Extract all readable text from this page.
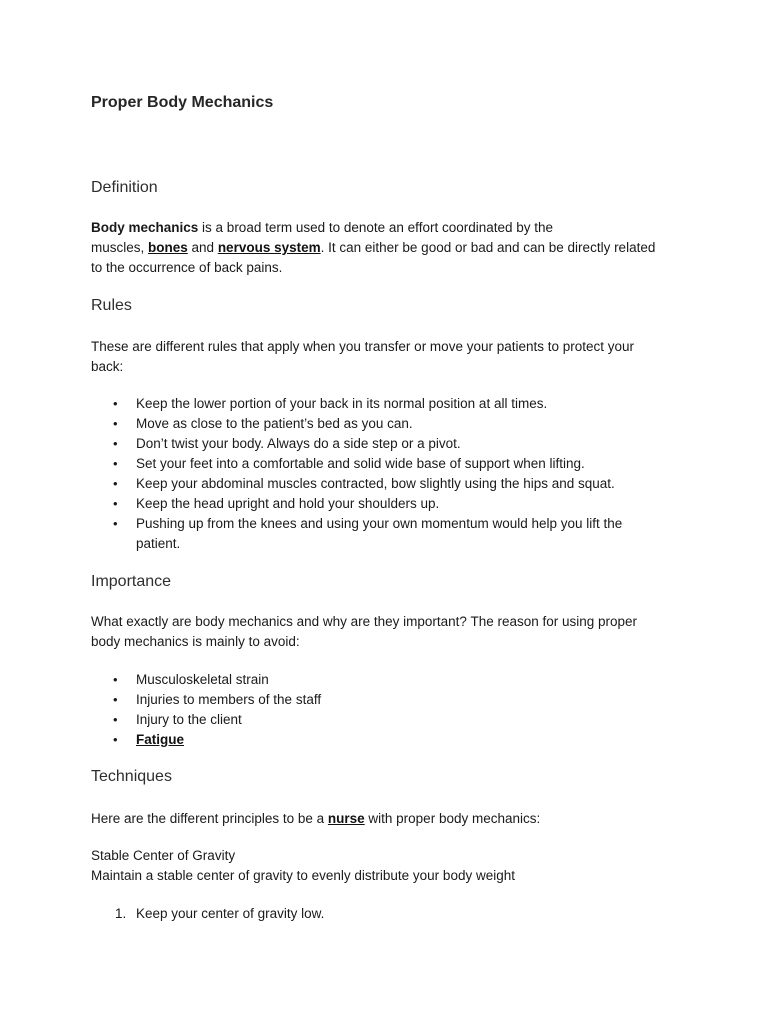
Proper Body Mechanics
Definition

Body mechanics is a broad term used to denote an effort coordinated by the
muscles, bones and nervous system. It can either be good or bad and can be directly related
to the occurrence of back pains.

Rules

These are different rules that apply when you transfer or move your patients to protect your
back:

• Keep the lower portion of your back in its normal position at all times.
• Move as close to the patient’s bed as you can.
• Don’t twist your body. Always do a side step or a pivot.
• Set your feet into a comfortable and solid wide base of support when lifting.
• Keep your abdominal muscles contracted, bow slightly using the hips and squat.
• Keep the head upright and hold your shoulders up.
• Pushing up from the knees and using your own momentum would help you lift the
patient.
Importance

What exactly are body mechanics and why are they important? The reason for using proper
body mechanics is mainly to avoid:

• Musculoskeletal strain
• Injuries to members of the staff
• Injury to the client
• Fatigue
Techniques

Here are the different principles to be a nurse with proper body mechanics:

Stable Center of Gravity
Maintain a stable center of gravity to evenly distribute your body weight

1. Keep your center of gravity low.
